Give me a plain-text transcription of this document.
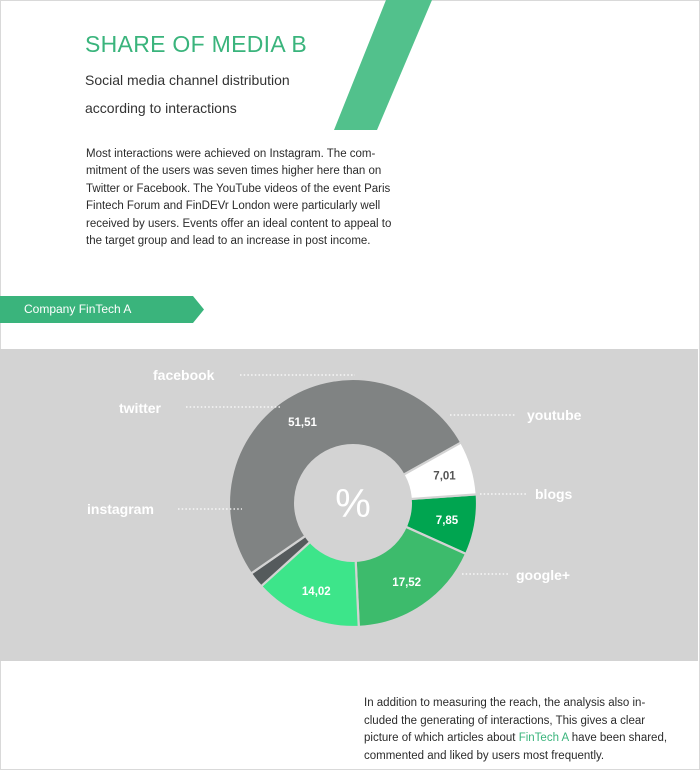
SHARE OF MEDIA B
Social media channel distribution
according to interactions

Most interactions were achieved on Instagram. The com-mitment of the users was seven times higher here than on Twitter or Facebook. The YouTube videos of the event Paris Fintech Forum and FinDEVr London were particularly well received by users. Events offer an ideal content to appeal to the target group and lead to an increase in post income.

Company FinTech A

%	7,85
17,52
14,02
51,51
7,01
facebook
youtube
blogs
google+
instagram
twitter

In addition to measuring the reach, the analysis also in-cluded the generating of interactions, This gives a clear picture of which articles about FinTech A have been shared, commented and liked by users most frequently.
